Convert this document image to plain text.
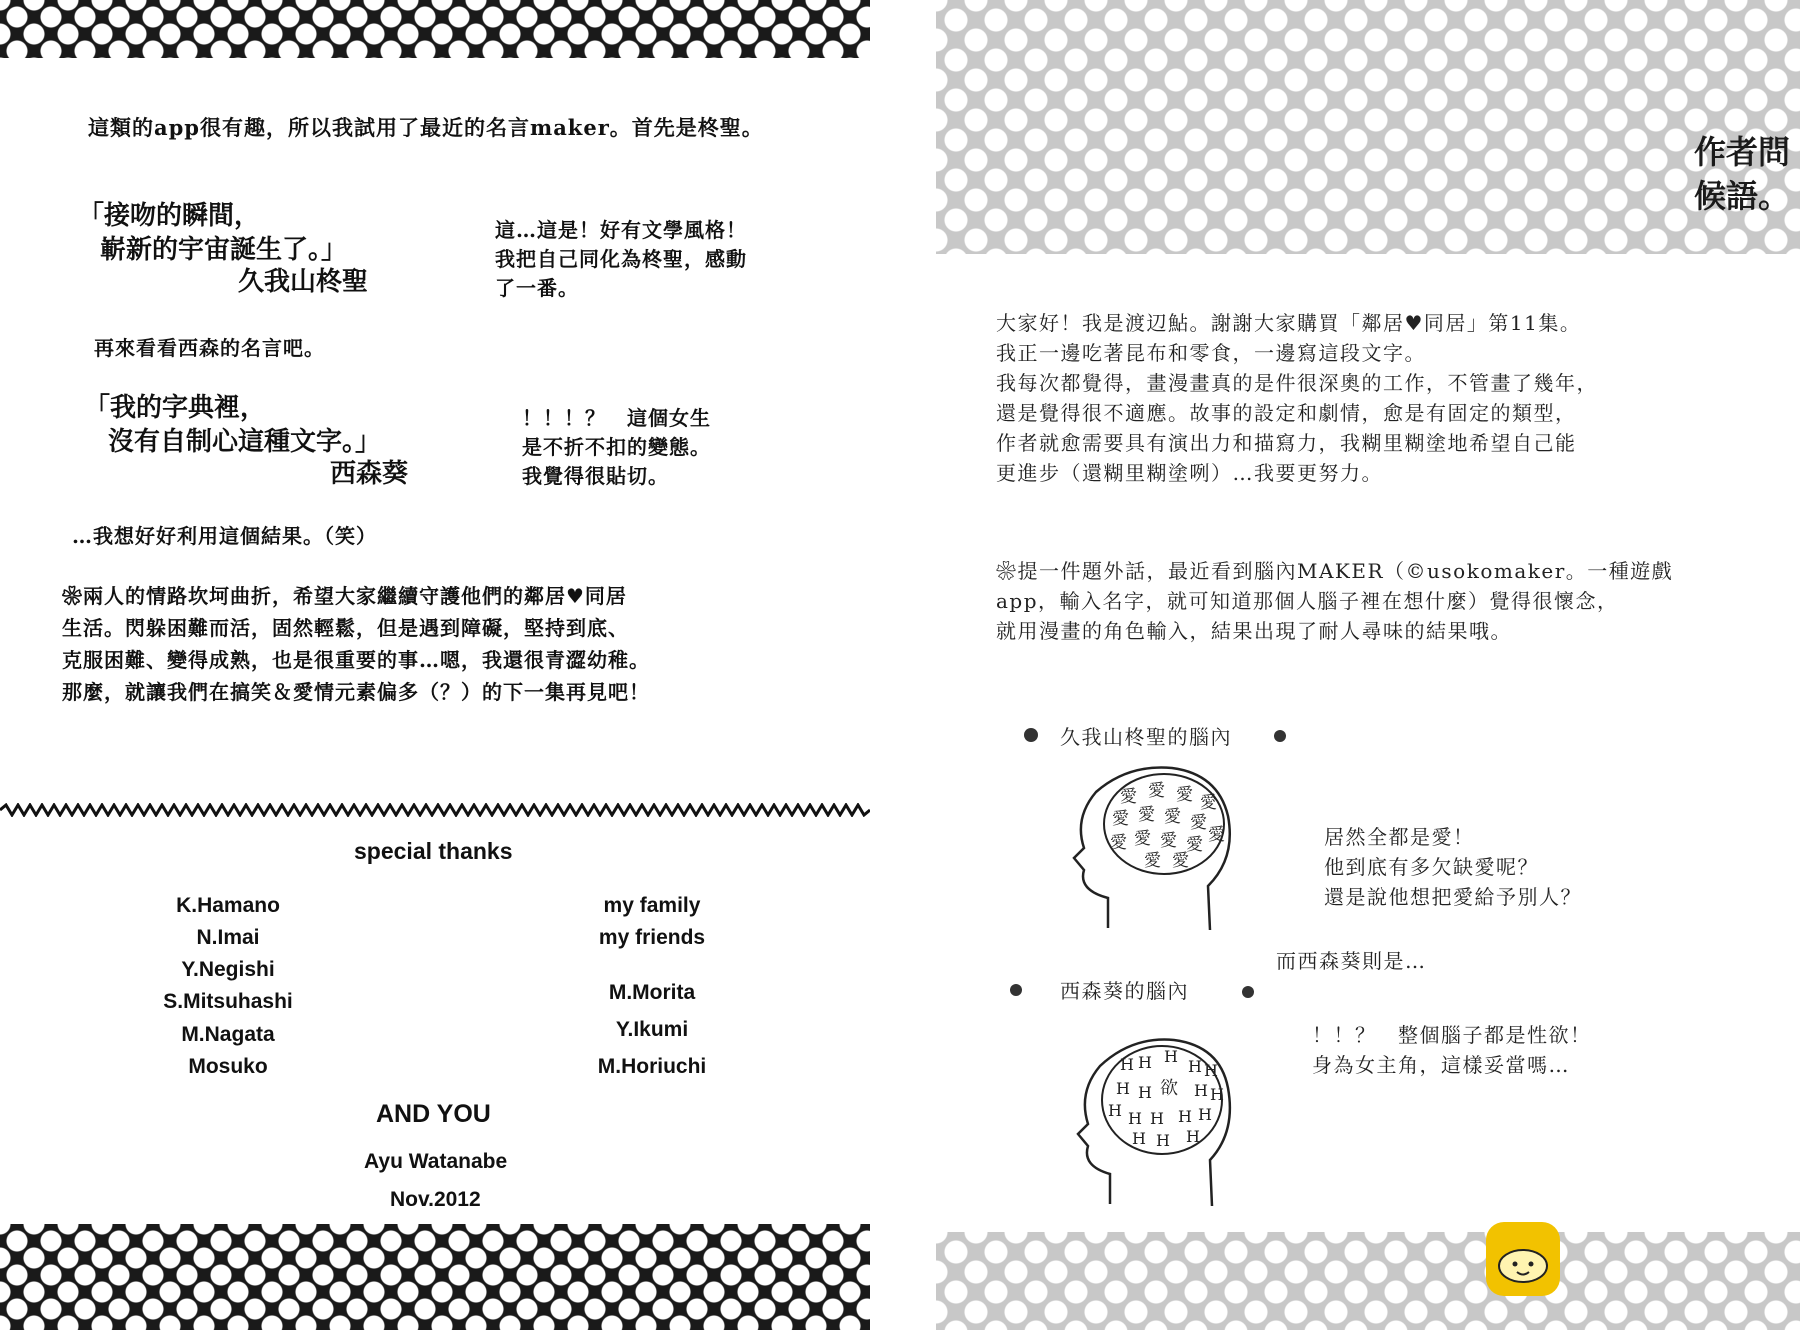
這類的app很有趣，所以我試用了最近的名言maker。首先是柊聖。

「接吻的瞬間，

嶄新的宇宙誕生了。」

久我山柊聖

這…這是！好有文學風格！

我把自己同化為柊聖，感動

了一番。

再來看看西森的名言吧。

「我的字典裡，

沒有自制心這種文字。」

西森葵

！！！？　這個女生

是不折不扣的變態。

我覺得很貼切。

…我想好好利用這個結果。（笑）

❀兩人的情路坎坷曲折，希望大家繼續守護他們的鄰居♥同居

生活。閃躲困難而活，固然輕鬆，但是遇到障礙，堅持到底、

克服困難、變得成熟，也是很重要的事…嗯，我還很青澀幼稚。

那麼，就讓我們在搞笑＆愛情元素偏多（？）的下一集再見吧！

special thanks

K.Hamano

N.Imai

Y.Negishi

S.Mitsuhashi

M.Nagata

Mosuko

my family

my friends

M.Morita

Y.Ikumi

M.Horiuchi

AND YOU

Ayu Watanabe

Nov.2012

作者問
候語。

大家好！我是渡辺鮎。謝謝大家購買「鄰居♥同居」第11集。

我正一邊吃著昆布和零食，一邊寫這段文字。

我每次都覺得，畫漫畫真的是件很深奧的工作，不管畫了幾年，

還是覺得很不適應。故事的設定和劇情，愈是有固定的類型，

作者就愈需要具有演出力和描寫力，我糊里糊塗地希望自己能

更進步（還糊里糊塗咧）…我要更努力。

❀提一件題外話，最近看到腦內MAKER（©usokomaker。一種遊戲

app，輸入名字，就可知道那個人腦子裡在想什麼）覺得很懷念，

就用漫畫的角色輸入，結果出現了耐人尋味的結果哦。

久我山柊聖的腦內

愛 愛 愛 愛
愛 愛 愛 愛
愛 愛 愛 愛 愛
愛 愛

居然全都是愛！

他到底有多欠缺愛呢？

還是說他想把愛給予別人？

而西森葵則是…

西森葵的腦內

H H H
H H
H H 欲 H H
H H H H H
H H H

！！？　整個腦子都是性欲！

身為女主角，這樣妥當嗎…
